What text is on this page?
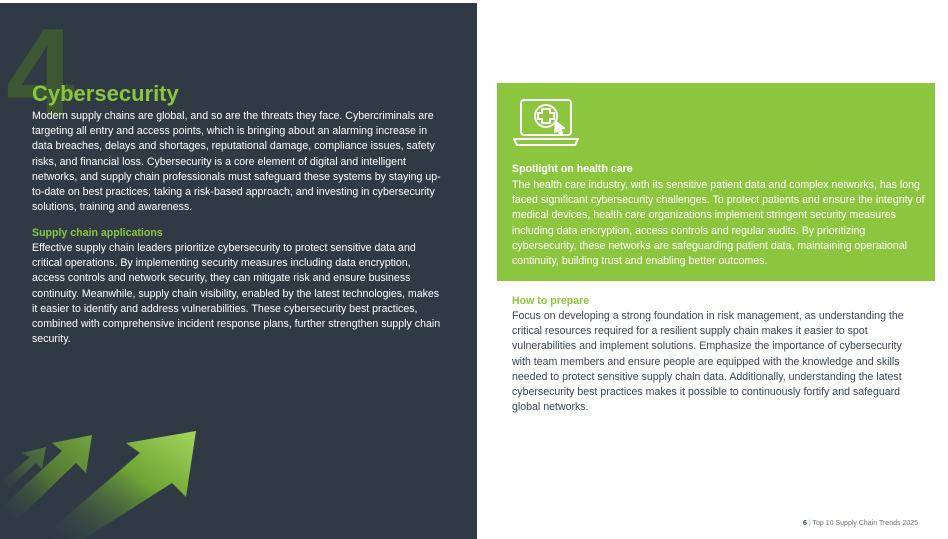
4
Cybersecurity

Modern supply chains are global, and so are the threats they face. Cybercriminals are targeting all entry and access points, which is bringing about an alarming increase in data breaches, delays and shortages, reputational damage, compliance issues, safety risks, and financial loss. Cybersecurity is a core element of digital and intelligent networks, and supply chain professionals must safeguard these systems by staying up-to-date on best practices; taking a risk-based approach; and investing in cybersecurity solutions, training and awareness.

Supply chain applications

Effective supply chain leaders prioritize cybersecurity to protect sensitive data and critical operations. By implementing security measures including data encryption, access controls and network security, they can mitigate risk and ensure business continuity. Meanwhile, supply chain visibility, enabled by the latest technologies, makes it easier to identify and address vulnerabilities. These cybersecurity best practices, combined with comprehensive incident response plans, further strengthen supply chain security.

Spotlight on health care

The health care industry, with its sensitive patient data and complex networks, has long faced significant cybersecurity challenges. To protect patients and ensure the integrity of medical devices, health care organizations implement stringent security measures including data encryption, access controls and regular audits. By prioritizing cybersecurity, these networks are safeguarding patient data, maintaining operational continuity, building trust and enabling better outcomes.

How to prepare

Focus on developing a strong foundation in risk management, as understanding the critical resources required for a resilient supply chain makes it easier to spot vulnerabilities and implement solutions. Emphasize the importance of cybersecurity with team members and ensure people are equipped with the knowledge and skills needed to protect sensitive supply chain data. Additionally, understanding the latest cybersecurity best practices makes it possible to continuously fortify and safeguard global networks.

6 | Top 10 Supply Chain Trends 2025
